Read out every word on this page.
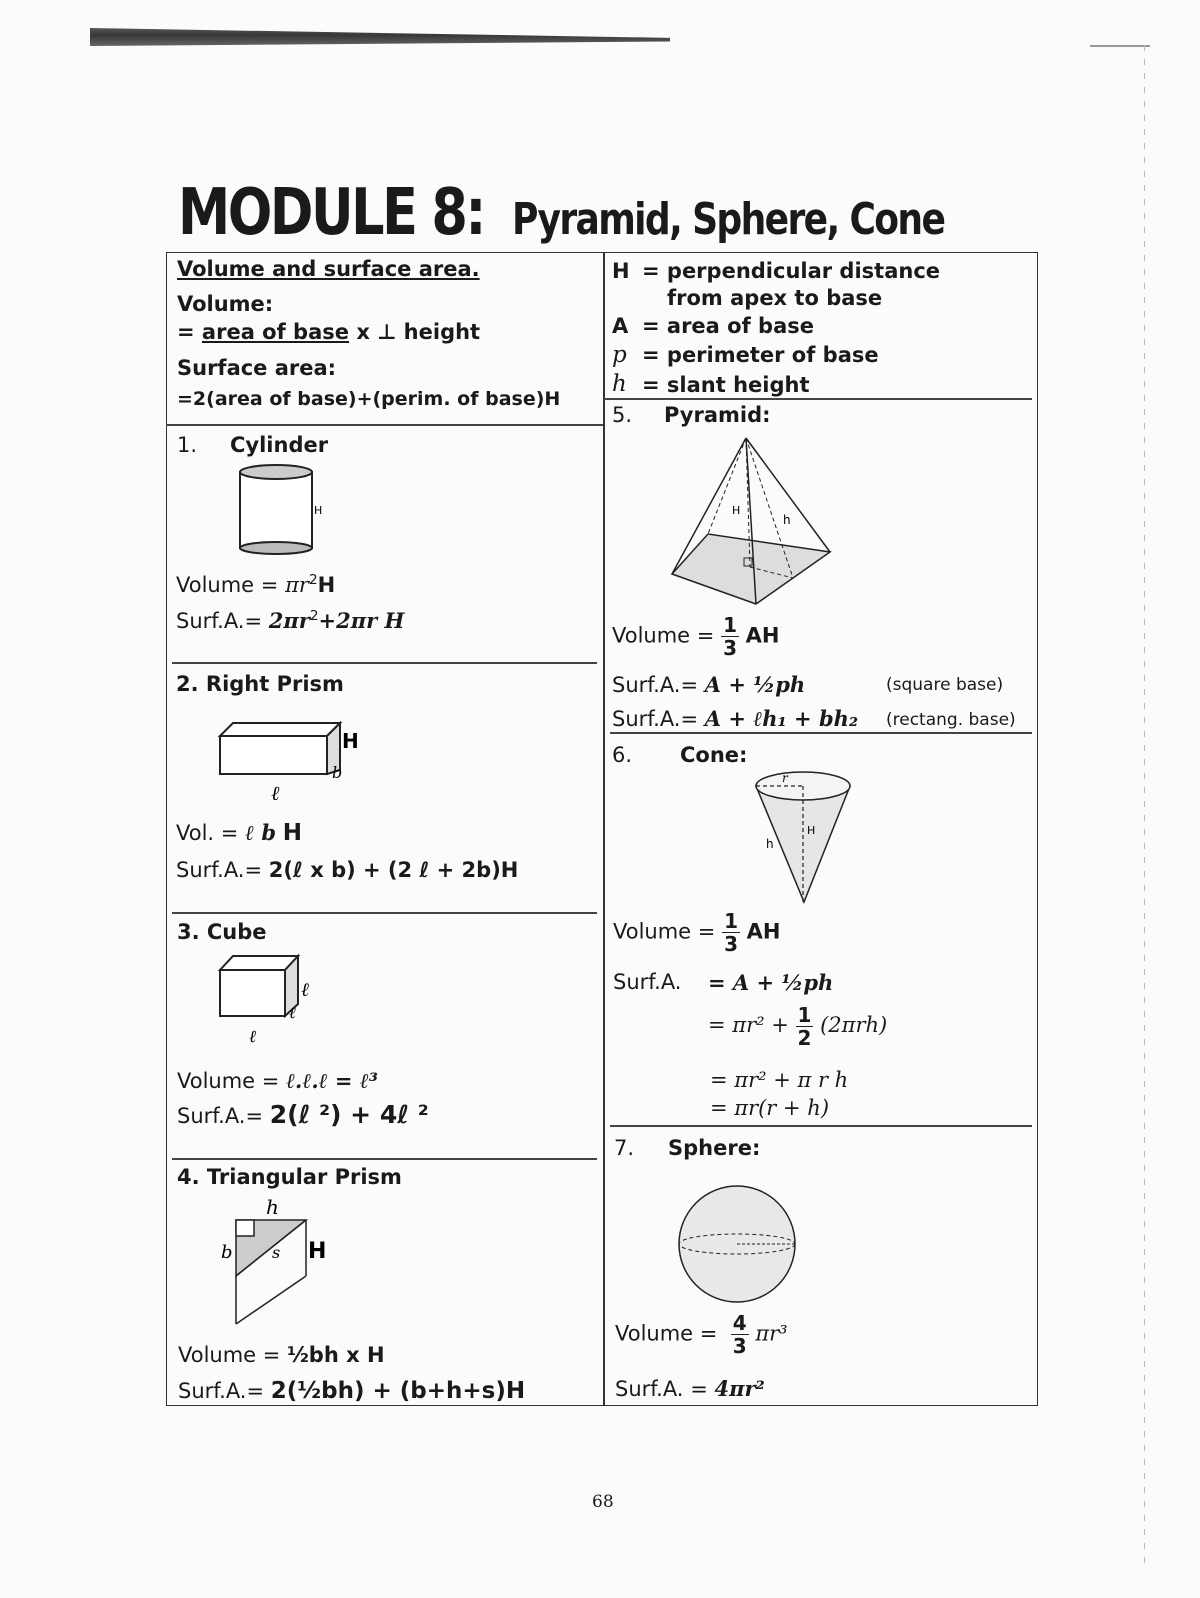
MODULE 8: Pyramid, Sphere, Cone
Volume and surface area.
Volume:
= area of base x ⊥ height
Surface area:
=2(area of base)+(perim. of base)H
H = perpendicular distance
from apex to base
A = area of base
p = perimeter of base
h = slant height
1. Cylinder
H
Volume = $\pi r^2H$
Surf.A.= $2\pi r^2+2\pi r$ H
2. Right Prism
H
b
ℓ
Vol. = ℓ b H
Surf.A.= 2(ℓ x b) + (2 ℓ + 2b)H
3. Cube
ℓ
ℓ
ℓ
Volume = ℓ.ℓ.ℓ = ℓ³
Surf.A.= 2(ℓ ²) + 4ℓ ²
4. Triangular Prism
h
b s H
Volume = ½bh x H
Surf.A.= 2(½bh) + (b+h+s)H
5. Pyramid:
H
h
Volume = $\frac{1}{3}$ AH
Surf.A.= A + ½ph	(square base)
Surf.A.= A + ℓh₁ + bh₂ (rectang. base)
6. Cone:
r
H
h
Volume = $\frac{1}{3}$ AH
Surf.A. = A + ½ph
= $\pi r^2 + \frac{1}{2} (2\pi rh)$
= πr² + π r h
= πr(r + h)
7. Sphere:
Volume = $\frac{4}{3} \pi r^3$
Surf.A. = 4πr²
68
